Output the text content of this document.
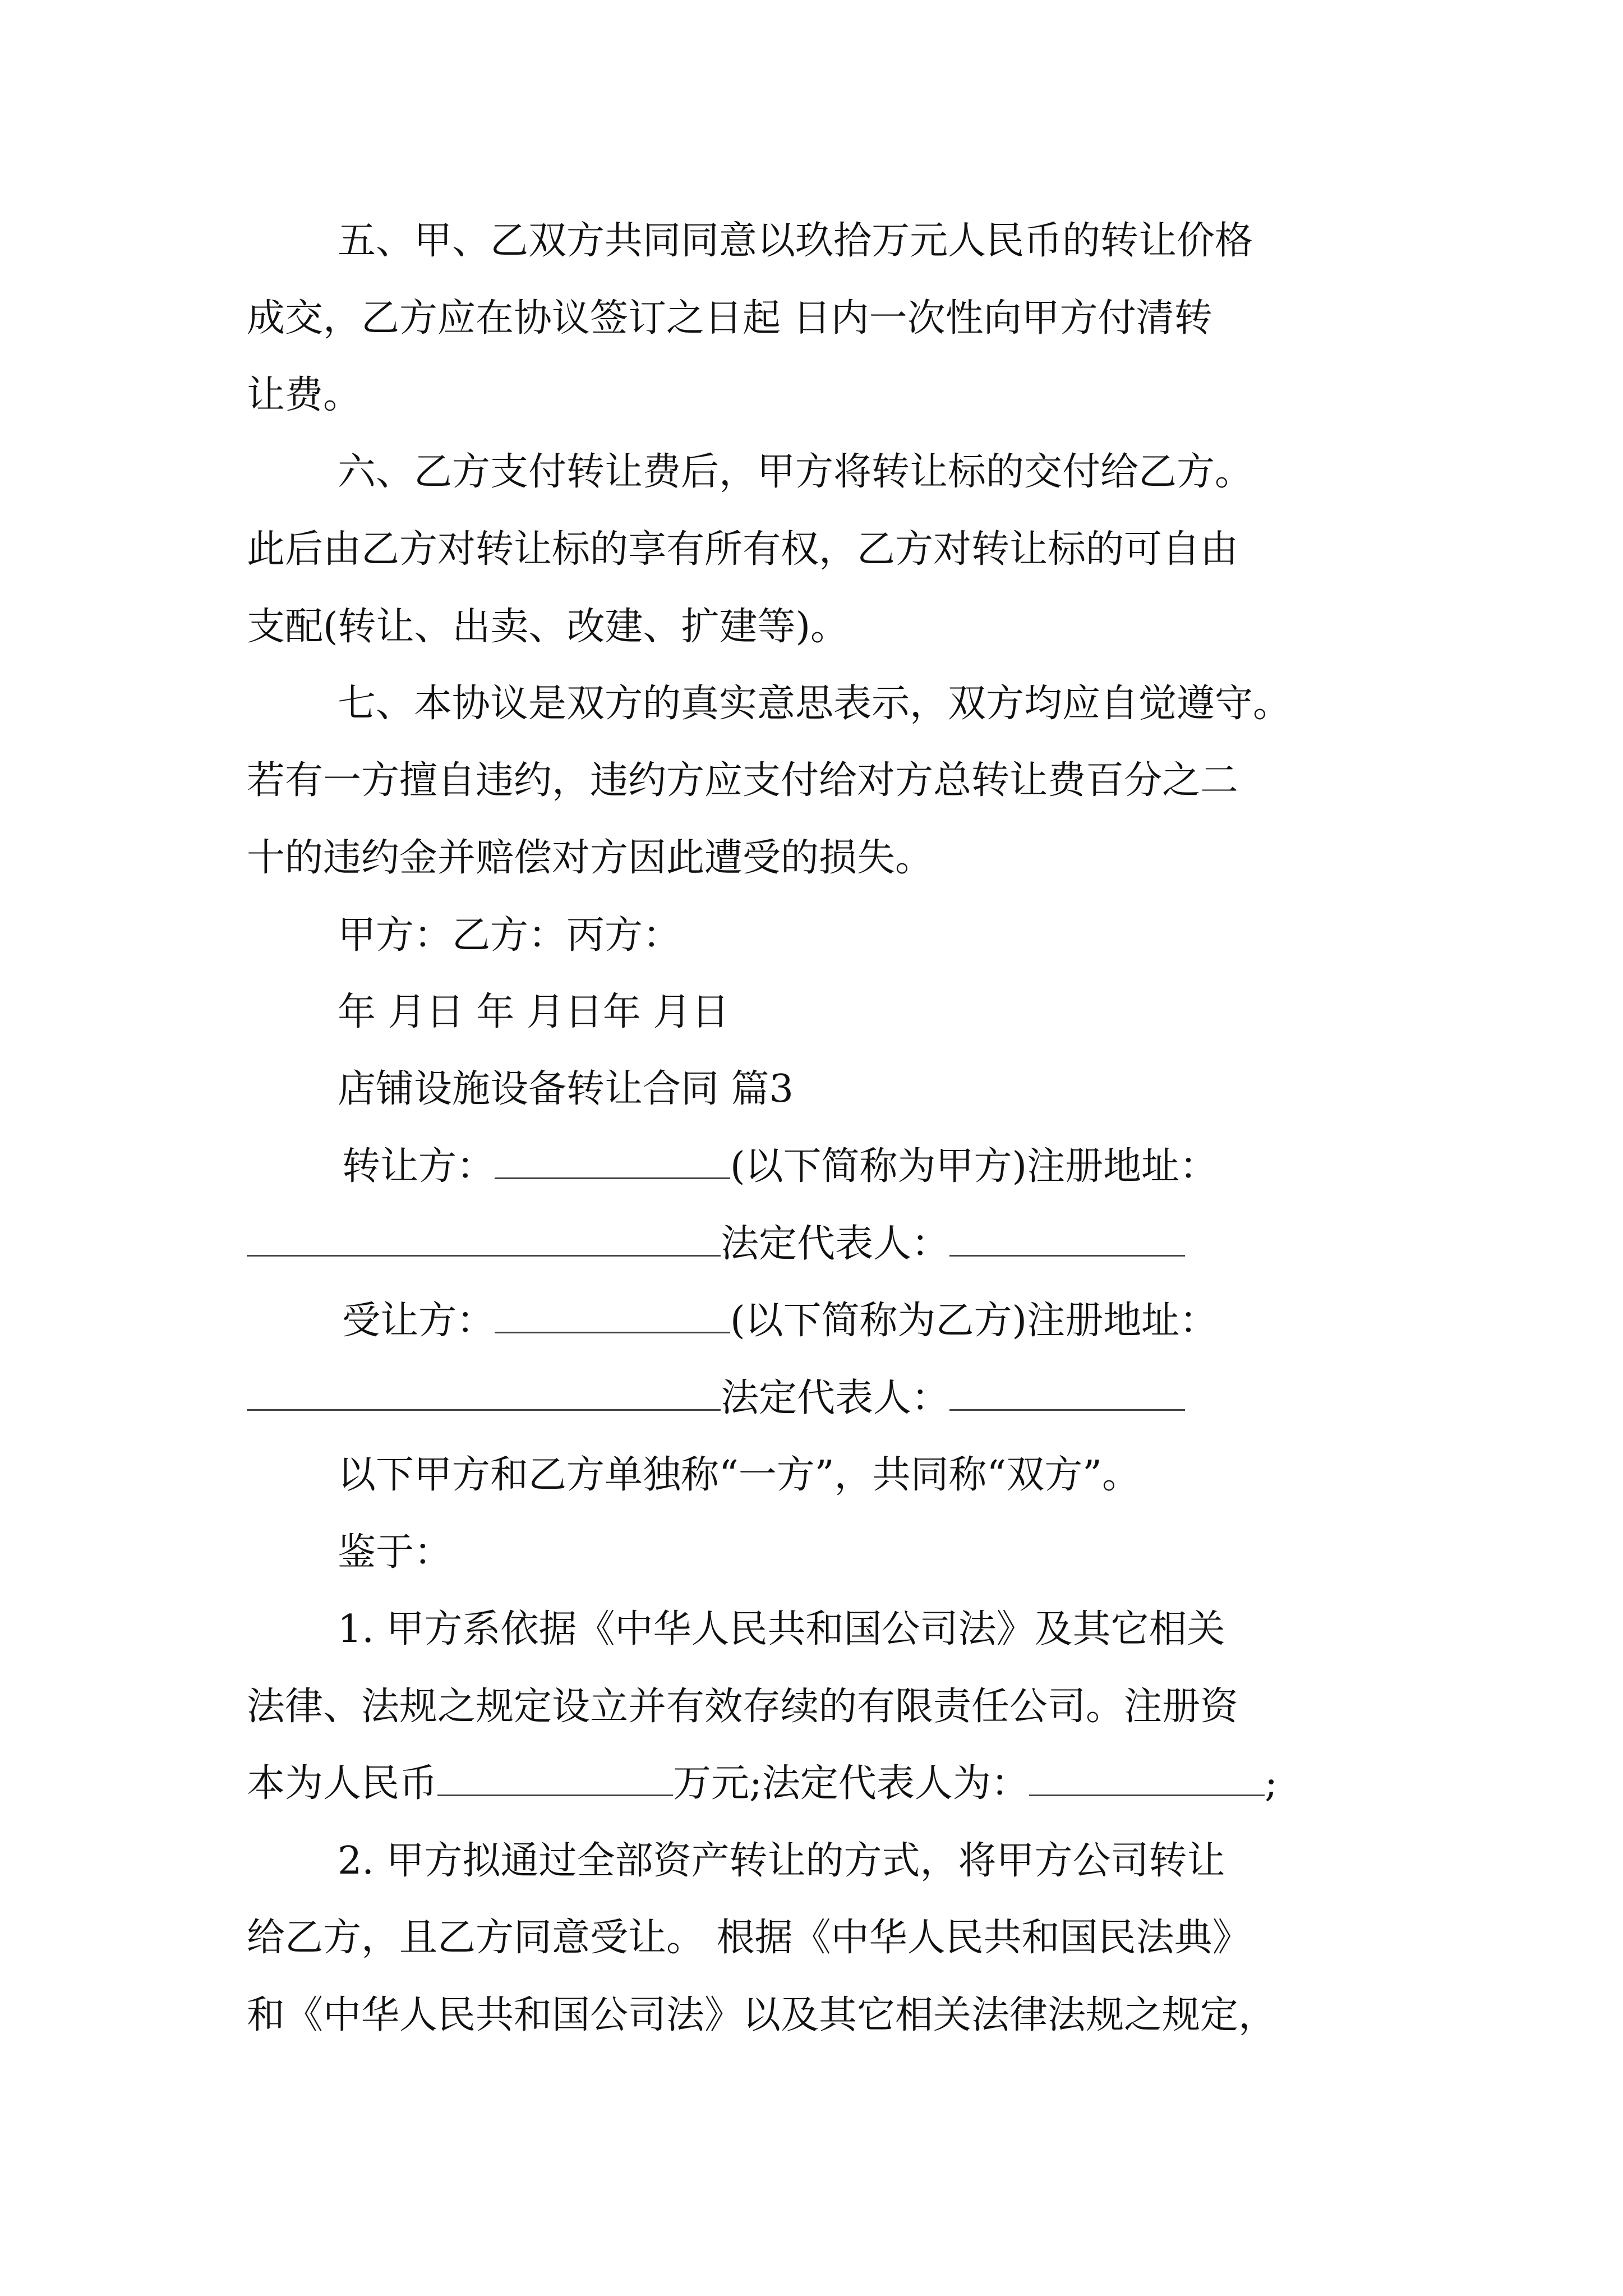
五、甲、乙双方共同同意以玖拾万元人民币的转让价格
成交，乙方应在协议签订之日起 日内一次性向甲方付清转
让费。
六、乙方支付转让费后，甲方将转让标的交付给乙方。
此后由乙方对转让标的享有所有权，乙方对转让标的可自由
支配(转让、出卖、改建、扩建等)。
七、本协议是双方的真实意思表示，双方均应自觉遵守。
若有一方擅自违约，违约方应支付给对方总转让费百分之二
十的违约金并赔偿对方因此遭受的损失。
甲方：乙方：丙方：
年 月日 年 月日年 月日
店铺设施设备转让合同 篇3
转让方：	(以下简称为甲方)注册地址：
法定代表人：
受让方：	(以下简称为乙方)注册地址：
法定代表人：
以下甲方和乙方单独称“一方”，共同称“双方”。
鉴于：
1. 甲方系依据《中华人民共和国公司法》及其它相关
法律、法规之规定设立并有效存续的有限责任公司。注册资
本为人民币	万元;法定代表人为：	;
2. 甲方拟通过全部资产转让的方式，将甲方公司转让
给乙方，且乙方同意受让。 根据《中华人民共和国民法典》
和《中华人民共和国公司法》以及其它相关法律法规之规定，
